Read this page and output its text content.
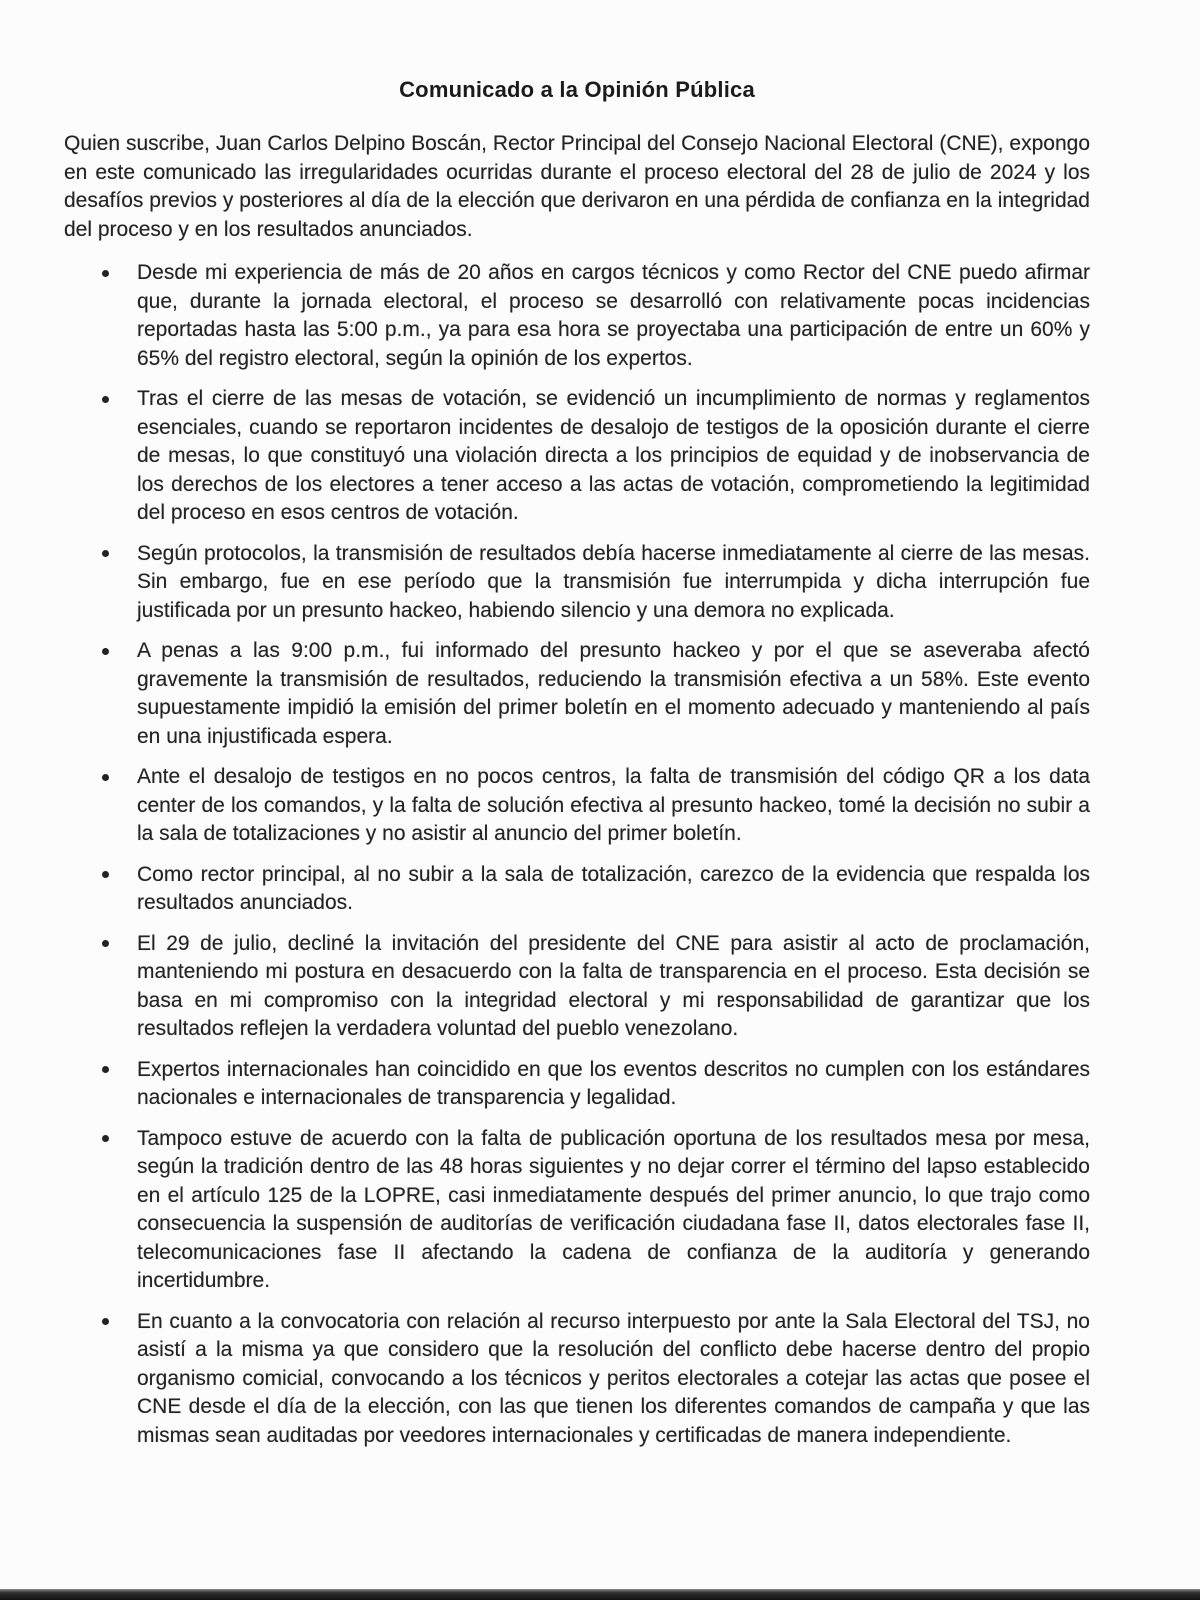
Comunicado a la Opinión Pública

Quien suscribe, Juan Carlos Delpino Boscán, Rector Principal del Consejo Nacional Electoral (CNE), expongo en este comunicado las irregularidades ocurridas durante el proceso electoral del 28 de julio de 2024 y los desafíos previos y posteriores al día de la elección que derivaron en una pérdida de confianza en la integridad del proceso y en los resultados anunciados.

Desde mi experiencia de más de 20 años en cargos técnicos y como Rector del CNE puedo afirmar que, durante la jornada electoral, el proceso se desarrolló con relativamente pocas incidencias reportadas hasta las 5:00 p.m., ya para esa hora se proyectaba una participación de entre un 60% y 65% del registro electoral, según la opinión de los expertos.
Tras el cierre de las mesas de votación, se evidenció un incumplimiento de normas y reglamentos esenciales, cuando se reportaron incidentes de desalojo de testigos de la oposición durante el cierre de mesas, lo que constituyó una violación directa a los principios de equidad y de inobservancia de los derechos de los electores a tener acceso a las actas de votación, comprometiendo la legitimidad del proceso en esos centros de votación.
Según protocolos, la transmisión de resultados debía hacerse inmediatamente al cierre de las mesas. Sin embargo, fue en ese período que la transmisión fue interrumpida y dicha interrupción fue justificada por un presunto hackeo, habiendo silencio y una demora no explicada.
A penas a las 9:00 p.m., fui informado del presunto hackeo y por el que se aseveraba afectó gravemente la transmisión de resultados, reduciendo la transmisión efectiva a un 58%. Este evento supuestamente impidió la emisión del primer boletín en el momento adecuado y manteniendo al país en una injustificada espera.
Ante el desalojo de testigos en no pocos centros, la falta de transmisión del código QR a los data center de los comandos, y la falta de solución efectiva al presunto hackeo, tomé la decisión no subir a la sala de totalizaciones y no asistir al anuncio del primer boletín.
Como rector principal, al no subir a la sala de totalización, carezco de la evidencia que respalda los resultados anunciados.
El 29 de julio, decliné la invitación del presidente del CNE para asistir al acto de proclamación, manteniendo mi postura en desacuerdo con la falta de transparencia en el proceso. Esta decisión se basa en mi compromiso con la integridad electoral y mi responsabilidad de garantizar que los resultados reflejen la verdadera voluntad del pueblo venezolano.
Expertos internacionales han coincidido en que los eventos descritos no cumplen con los estándares nacionales e internacionales de transparencia y legalidad.
Tampoco estuve de acuerdo con la falta de publicación oportuna de los resultados mesa por mesa, según la tradición dentro de las 48 horas siguientes y no dejar correr el término del lapso establecido en el artículo 125 de la LOPRE, casi inmediatamente después del primer anuncio, lo que trajo como consecuencia la suspensión de auditorías de verificación ciudadana fase II, datos electorales fase II, telecomunicaciones fase II afectando la cadena de confianza de la auditoría y generando incertidumbre.
En cuanto a la convocatoria con relación al recurso interpuesto por ante la Sala Electoral del TSJ, no asistí a la misma ya que considero que la resolución del conflicto debe hacerse dentro del propio organismo comicial, convocando a los técnicos y peritos electorales a cotejar las actas que posee el CNE desde el día de la elección, con las que tienen los diferentes comandos de campaña y que las mismas sean auditadas por veedores internacionales y certificadas de manera independiente.
